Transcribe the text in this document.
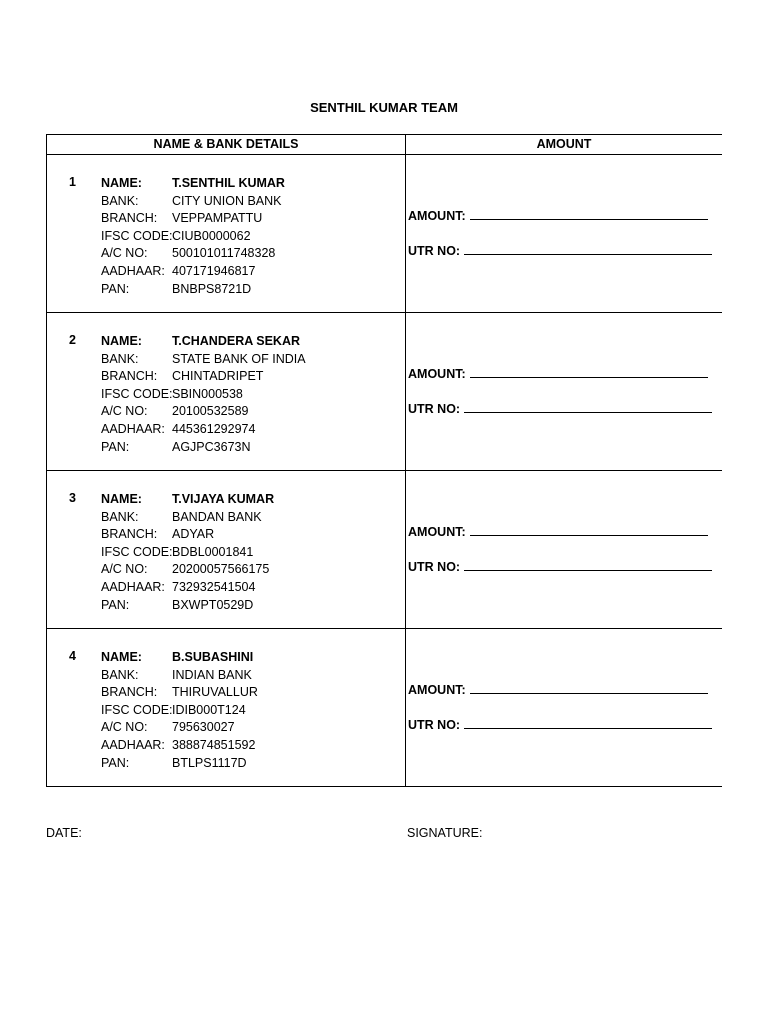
SENTHIL KUMAR TEAM
NAME & BANK DETAILS	AMOUNT
1 NAME:	T.SENTHIL KUMAR
BANK:	CITY UNION BANK
BRANCH:	VEPPAMPATTU
IFSC CODE: CIUB0000062
A/C NO:	500101011748328
AADHAAR: 407171946817
PAN:	BNBPS8721D
AMOUNT:
UTR NO:
2 NAME:	T.CHANDERA SEKAR
BANK:	STATE BANK OF INDIA
BRANCH:	CHINTADRIPET
IFSC CODE: SBIN000538
A/C NO:	20100532589
AADHAAR: 445361292974
PAN:	AGJPC3673N
AMOUNT:
UTR NO:
3 NAME:	T.VIJAYA KUMAR
BANK:	BANDAN BANK
BRANCH:	ADYAR
IFSC CODE: BDBL0001841
A/C NO:	20200057566175
AADHAAR: 732932541504
PAN:	BXWPT0529D
AMOUNT:
UTR NO:
4 NAME:	B.SUBASHINI
BANK:	INDIAN BANK
BRANCH:	THIRUVALLUR
IFSC CODE: IDIB000T124
A/C NO:	795630027
AADHAAR: 388874851592
PAN:	BTLPS1117D
AMOUNT:
UTR NO:
DATE:	SIGNATURE:
